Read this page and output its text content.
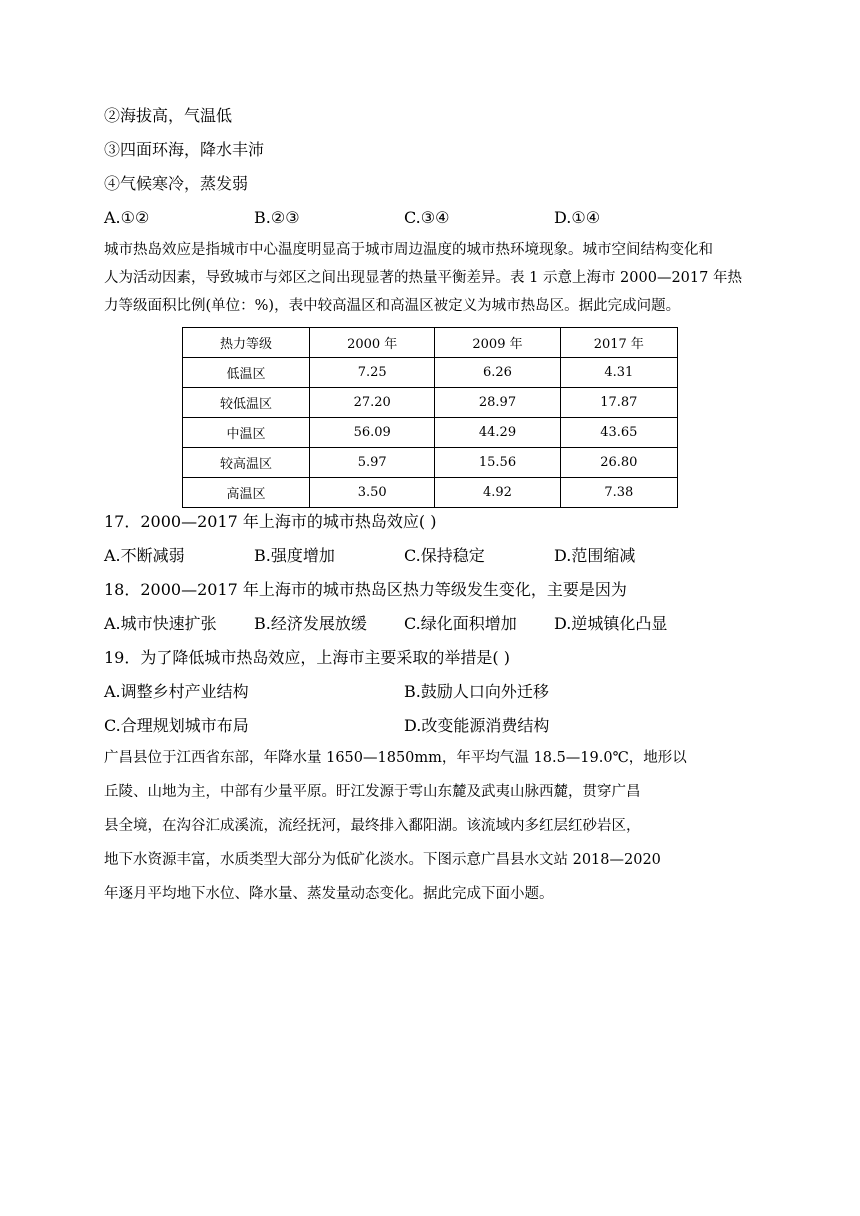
②海拔高，气温低
③四面环海，降水丰沛
④气候寒冷，蒸发弱
A.①②	B.②③	C.③④	D.①④
城市热岛效应是指城市中心温度明显高于城市周边温度的城市热环境现象。城市空间结构变化和
人为活动因素，导致城市与郊区之间出现显著的热量平衡差异。表 1 示意上海市 2000—2017 年热
力等级面积比例(单位：%)，表中较高温区和高温区被定义为城市热岛区。据此完成问题。
热力等级	2000 年	2009 年	2017 年
低温区	7.25	6.26	4.31
较低温区	27.20	28.97	17.87
中温区	56.09	44.29	43.65
较高温区	5.97	15.56	26.80
高温区	3.50	4.92	7.38
17．2000—2017 年上海市的城市热岛效应( )
A.不断减弱	B.强度增加	C.保持稳定	D.范围缩减
18．2000—2017 年上海市的城市热岛区热力等级发生变化，主要是因为
A.城市快速扩张 B.经济发展放缓 C.绿化面积增加 D.逆城镇化凸显
19．为了降低城市热岛效应，上海市主要采取的举措是( )
A.调整乡村产业结构	B.鼓励人口向外迁移
C.合理规划城市布局	D.改变能源消费结构
广昌县位于江西省东部，年降水量 1650—1850mm，年平均气温 18.5—19.0℃，地形以
丘陵、山地为主，中部有少量平原。盱江发源于雩山东麓及武夷山脉西麓，贯穿广昌
县全境，在沟谷汇成溪流，流经抚河，最终排入鄱阳湖。该流域内多红层红砂岩区，
地下水资源丰富，水质类型大部分为低矿化淡水。下图示意广昌县水文站 2018—2020
年逐月平均地下水位、降水量、蒸发量动态变化。据此完成下面小题。
